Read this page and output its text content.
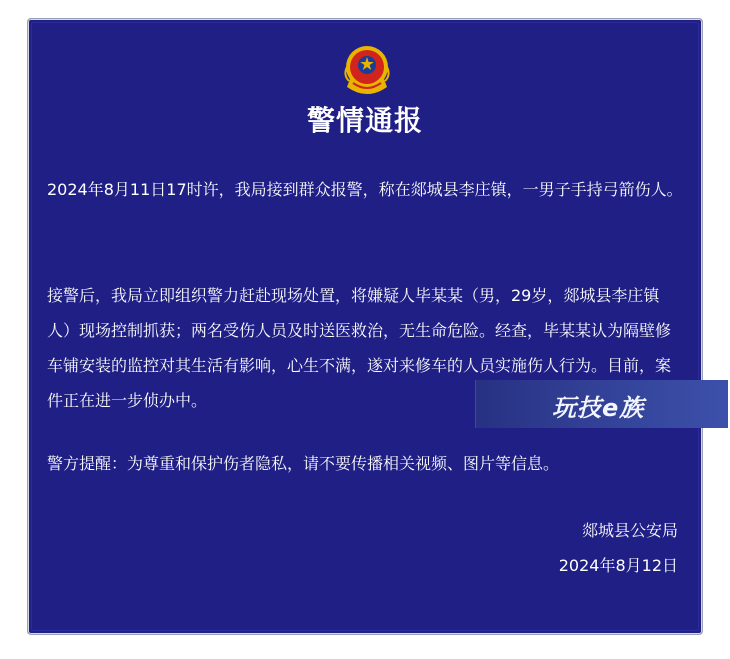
警情通报

2024年8月11日17时许，我局接到群众报警，称在郯城县李庄镇，一男子手持弓箭伤人。

接警后，我局立即组织警力赶赴现场处置，将嫌疑人毕某某（男，29岁，郯城县李庄镇人）现场控制抓获；两名受伤人员及时送医救治，无生命危险。经查，毕某某认为隔壁修车铺安装的监控对其生活有影响，心生不满，遂对来修车的人员实施伤人行为。目前，案件正在进一步侦办中。

警方提醒：为尊重和保护伤者隐私，请不要传播相关视频、图片等信息。

郯城县公安局
2024年8月12日
玩技e族
